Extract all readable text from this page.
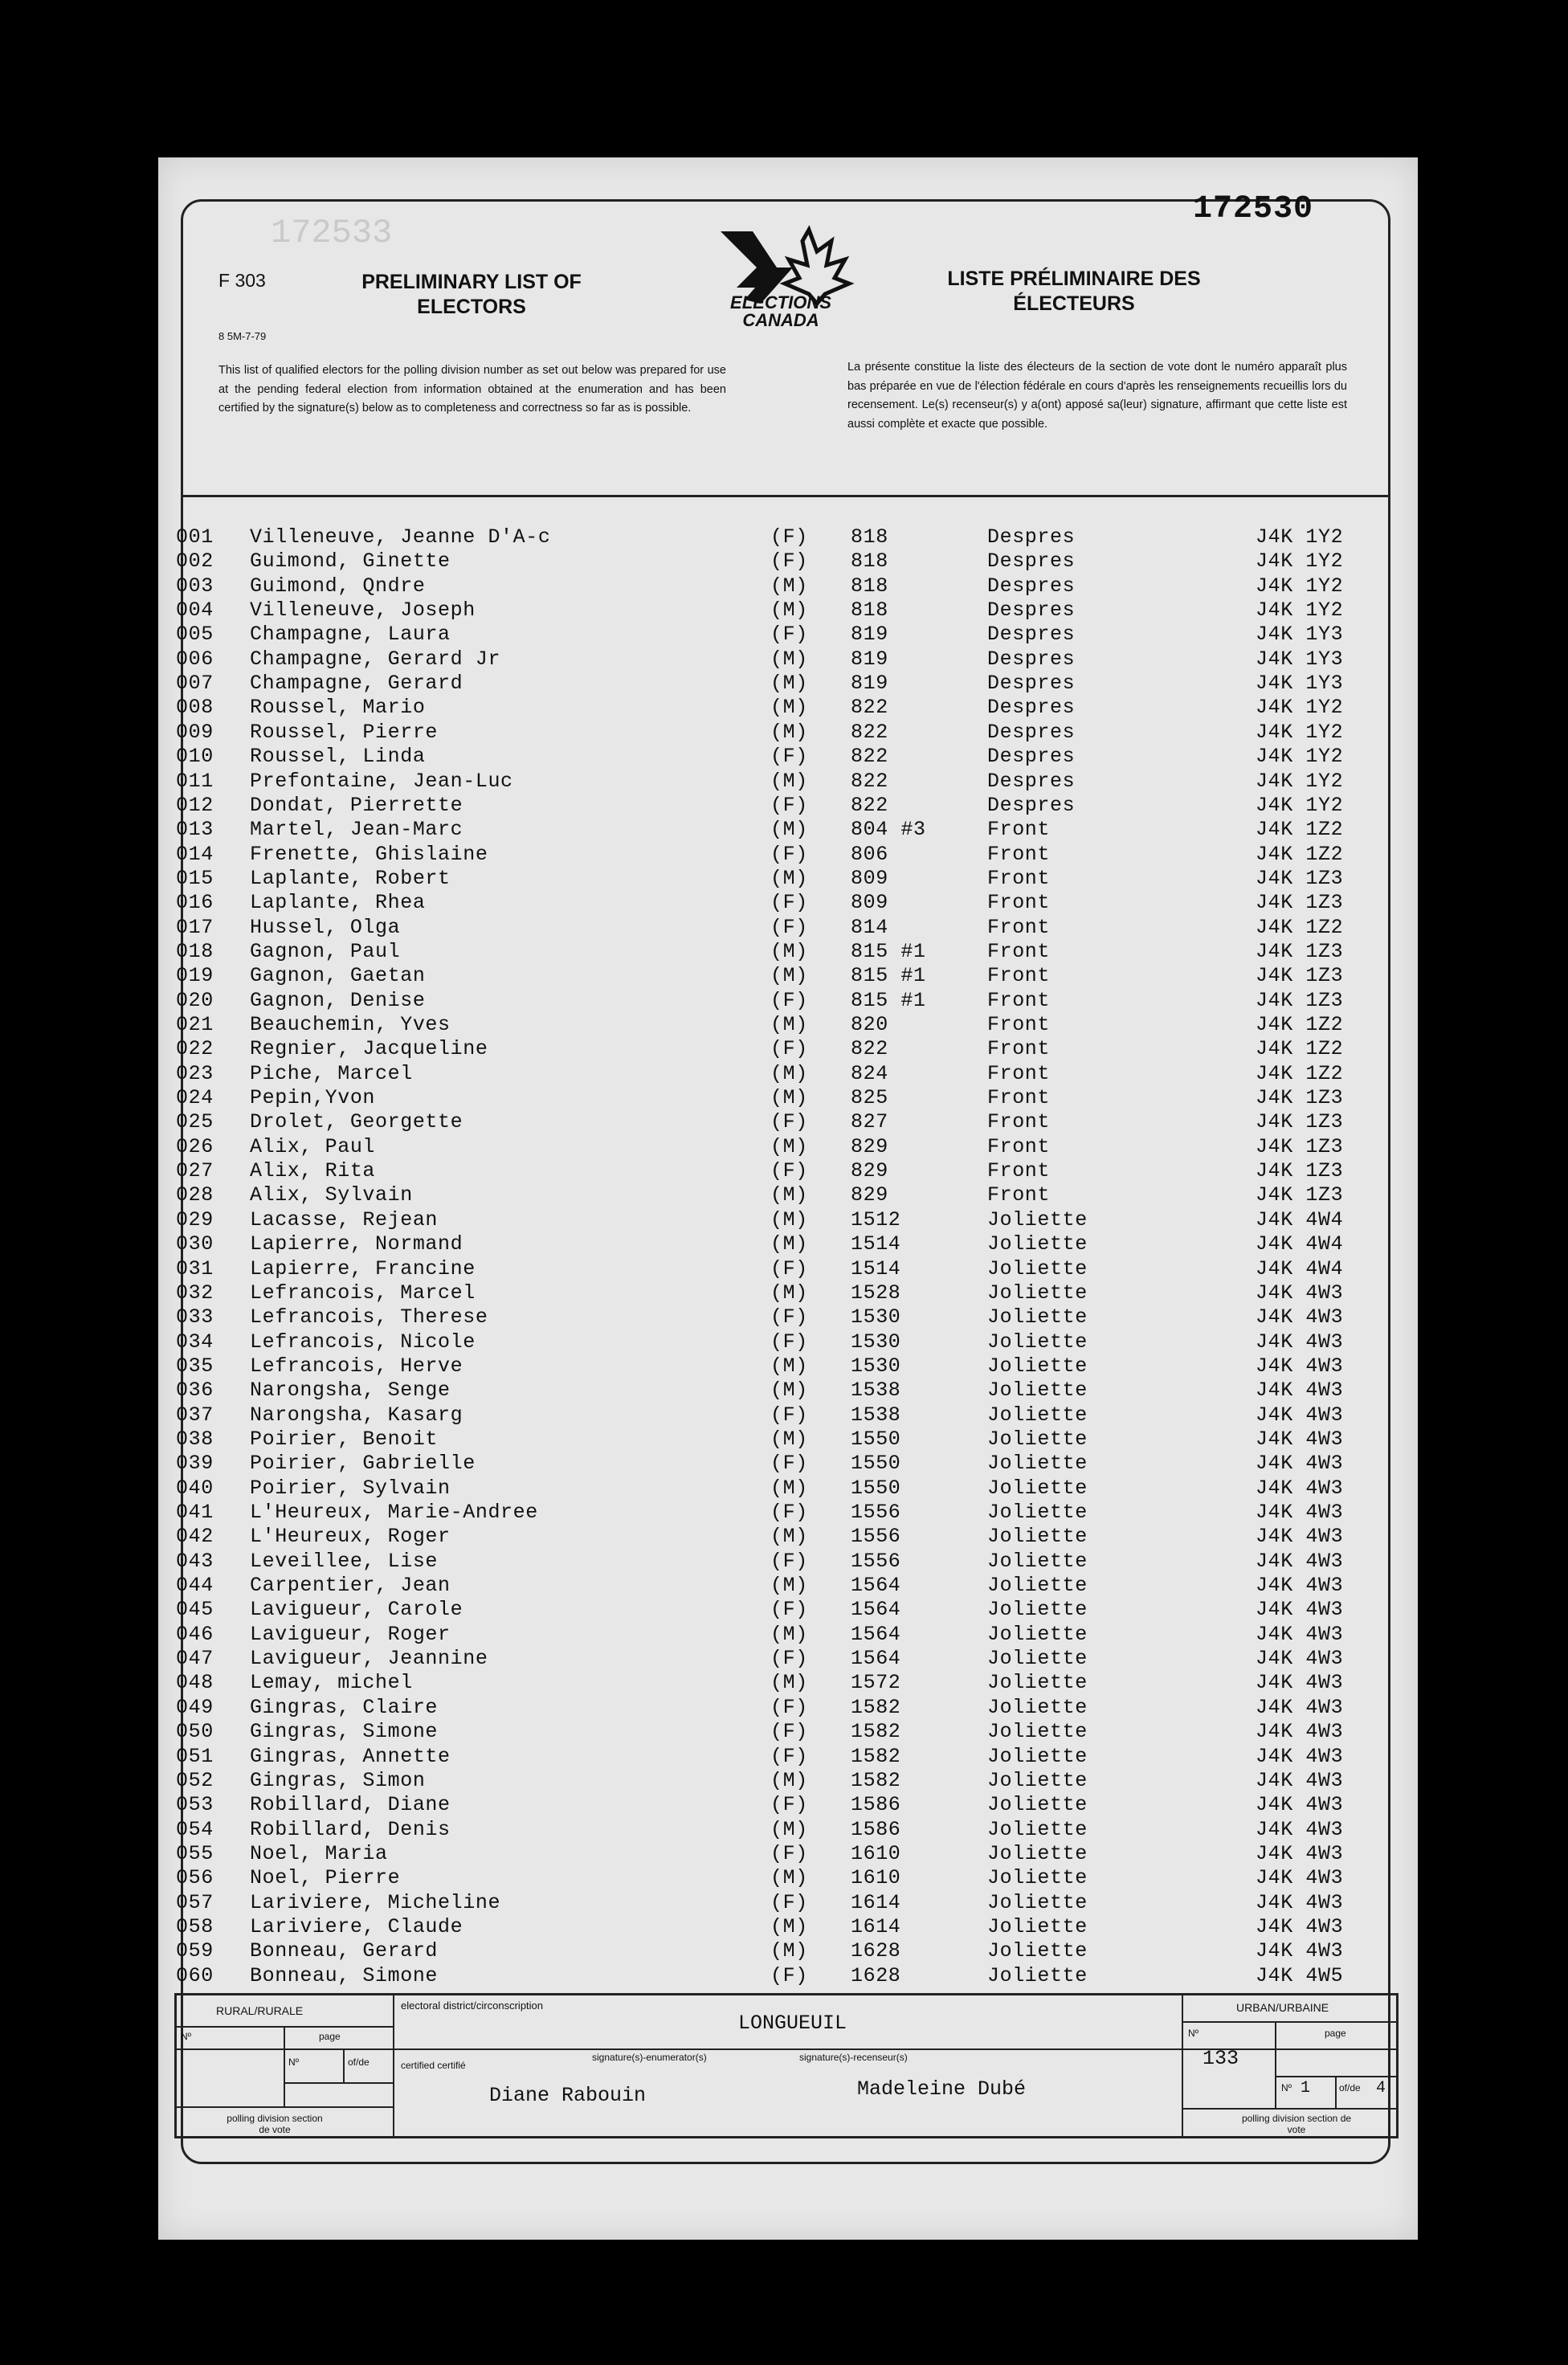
172533
172530
F 303
8 5M-7-79
PRELIMINARY LIST OF ELECTORS
LISTE PRÉLIMINAIRE DES ÉLECTEURS
ELECTIONS CANADA
This list of qualified electors for the polling division number as set out below was prepared for use at the pending federal election from information obtained at the enumeration and has been certified by the signature(s) below as to completeness and correctness so far as is possible.
La présente constitue la liste des électeurs de la section de vote dont le numéro apparaît plus bas préparée en vue de l'élection fédérale en cours d'après les renseignements recueillis lors du recensement. Le(s) recenseur(s) y a(ont) apposé sa(leur) signature, affirmant que cette liste est aussi complète et exacte que possible.
001 Villeneuve, Jeanne D'A-c	(F) 818	Despres	J4K 1Y2
002 Guimond, Ginette	(F) 818	Despres	J4K 1Y2
003 Guimond, Qndre	(M) 818	Despres	J4K 1Y2
004 Villeneuve, Joseph	(M) 818	Despres	J4K 1Y2
005 Champagne, Laura	(F) 819	Despres	J4K 1Y3
006 Champagne, Gerard Jr	(M) 819	Despres	J4K 1Y3
007 Champagne, Gerard	(M) 819	Despres	J4K 1Y3
008 Roussel, Mario	(M) 822	Despres	J4K 1Y2
009 Roussel, Pierre	(M) 822	Despres	J4K 1Y2
010 Roussel, Linda	(F) 822	Despres	J4K 1Y2
011 Prefontaine, Jean-Luc	(M) 822	Despres	J4K 1Y2
012 Dondat, Pierrette	(F) 822	Despres	J4K 1Y2
013 Martel, Jean-Marc	(M) 804 #3	Front	J4K 1Z2
014 Frenette, Ghislaine	(F) 806	Front	J4K 1Z2
015 Laplante, Robert	(M) 809	Front	J4K 1Z3
016 Laplante, Rhea	(F) 809	Front	J4K 1Z3
017 Hussel, Olga	(F) 814	Front	J4K 1Z2
018 Gagnon, Paul	(M) 815 #1	Front	J4K 1Z3
019 Gagnon, Gaetan	(M) 815 #1	Front	J4K 1Z3
020 Gagnon, Denise	(F) 815 #1	Front	J4K 1Z3
021 Beauchemin, Yves	(M) 820	Front	J4K 1Z2
022 Regnier, Jacqueline	(F) 822	Front	J4K 1Z2
023 Piche, Marcel	(M) 824	Front	J4K 1Z2
024 Pepin,Yvon	(M) 825	Front	J4K 1Z3
025 Drolet, Georgette	(F) 827	Front	J4K 1Z3
026 Alix, Paul	(M) 829	Front	J4K 1Z3
027 Alix, Rita	(F) 829	Front	J4K 1Z3
028 Alix, Sylvain	(M) 829	Front	J4K 1Z3
029 Lacasse, Rejean	(M) 1512	Joliette	J4K 4W4
030 Lapierre, Normand	(M) 1514	Joliette	J4K 4W4
031 Lapierre, Francine	(F) 1514	Joliette	J4K 4W4
032 Lefrancois, Marcel	(M) 1528	Joliette	J4K 4W3
033 Lefrancois, Therese	(F) 1530	Joliette	J4K 4W3
034 Lefrancois, Nicole	(F) 1530	Joliette	J4K 4W3
035 Lefrancois, Herve	(M) 1530	Joliette	J4K 4W3
036 Narongsha, Senge	(M) 1538	Joliette	J4K 4W3
037 Narongsha, Kasarg	(F) 1538	Joliette	J4K 4W3
038 Poirier, Benoit	(M) 1550	Joliette	J4K 4W3
039 Poirier, Gabrielle	(F) 1550	Joliette	J4K 4W3
040 Poirier, Sylvain	(M) 1550	Joliette	J4K 4W3
041 L'Heureux, Marie-Andree	(F) 1556	Joliette	J4K 4W3
042 L'Heureux, Roger	(M) 1556	Joliette	J4K 4W3
043 Leveillee, Lise	(F) 1556	Joliette	J4K 4W3
044 Carpentier, Jean	(M) 1564	Joliette	J4K 4W3
045 Lavigueur, Carole	(F) 1564	Joliette	J4K 4W3
046 Lavigueur, Roger	(M) 1564	Joliette	J4K 4W3
047 Lavigueur, Jeannine	(F) 1564	Joliette	J4K 4W3
048 Lemay, michel	(M) 1572	Joliette	J4K 4W3
049 Gingras, Claire	(F) 1582	Joliette	J4K 4W3
050 Gingras, Simone	(F) 1582	Joliette	J4K 4W3
051 Gingras, Annette	(F) 1582	Joliette	J4K 4W3
052 Gingras, Simon	(M) 1582	Joliette	J4K 4W3
053 Robillard, Diane	(F) 1586	Joliette	J4K 4W3
054 Robillard, Denis	(M) 1586	Joliette	J4K 4W3
055 Noel, Maria	(F) 1610	Joliette	J4K 4W3
056 Noel, Pierre	(M) 1610	Joliette	J4K 4W3
057 Lariviere, Micheline	(F) 1614	Joliette	J4K 4W3
058 Lariviere, Claude	(M) 1614	Joliette	J4K 4W3
059 Bonneau, Gerard	(M) 1628	Joliette	J4K 4W3
060 Bonneau, Simone	(F) 1628	Joliette	J4K 4W5
RURAL/RURALE
Nº	page
Nº	of/de
polling division section de vote
electoral district/circonscription
LONGUEUIL
certified certifié
signature(s)-enumerator(s)	signature(s)-recenseur(s)
Diane Rabouin	Madeleine Dubé
URBAN/URBAINE
Nº
133
page
Nº 1	of/de 4
polling division section de vote
